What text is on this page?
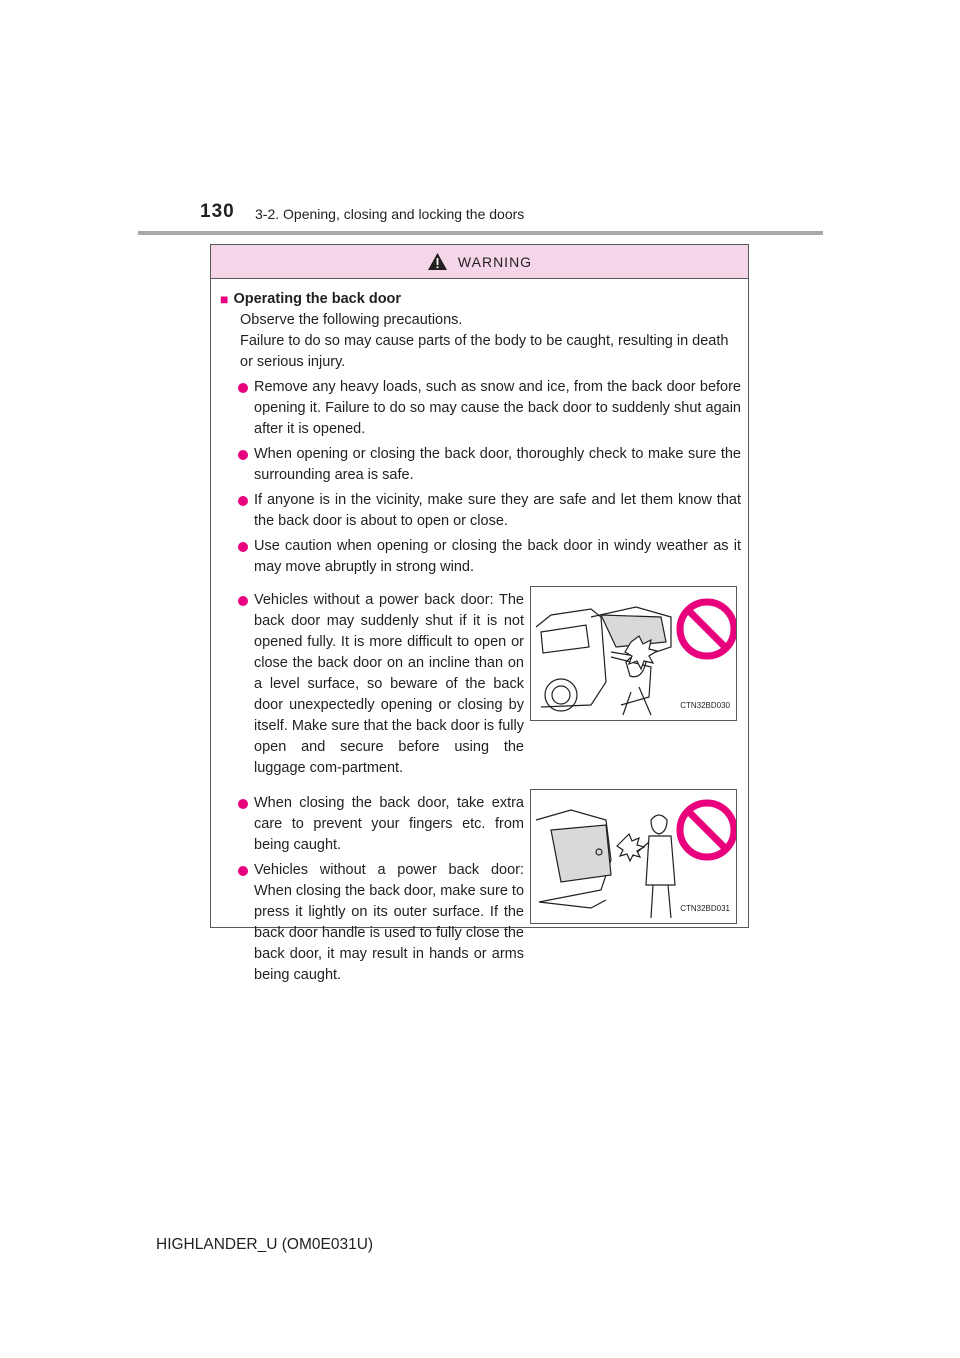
130 3-2. Opening, closing and locking the doors
WARNING
■ Operating the back door
Observe the following precautions.
Failure to do so may cause parts of the body to be caught, resulting in death or serious injury.
Remove any heavy loads, such as snow and ice, from the back door before opening it. Failure to do so may cause the back door to suddenly shut again after it is opened.
When opening or closing the back door, thoroughly check to make sure the surrounding area is safe.
If anyone is in the vicinity, make sure they are safe and let them know that the back door is about to open or close.
Use caution when opening or closing the back door in windy weather as it may move abruptly in strong wind.
Vehicles without a power back door: The back door may suddenly shut if it is not opened fully. It is more difficult to open or close the back door on an incline than on a level surface, so beware of the back door unexpectedly opening or closing by itself. Make sure that the back door is fully open and secure before using the luggage com-partment.
CTN32BD030
When closing the back door, take extra care to prevent your fingers etc. from being caught.
Vehicles without a power back door: When closing the back door, make sure to press it lightly on its outer surface. If the back door handle is used to fully close the back door, it may result in hands or arms being caught.
CTN32BD031
HIGHLANDER_U (OM0E031U)
